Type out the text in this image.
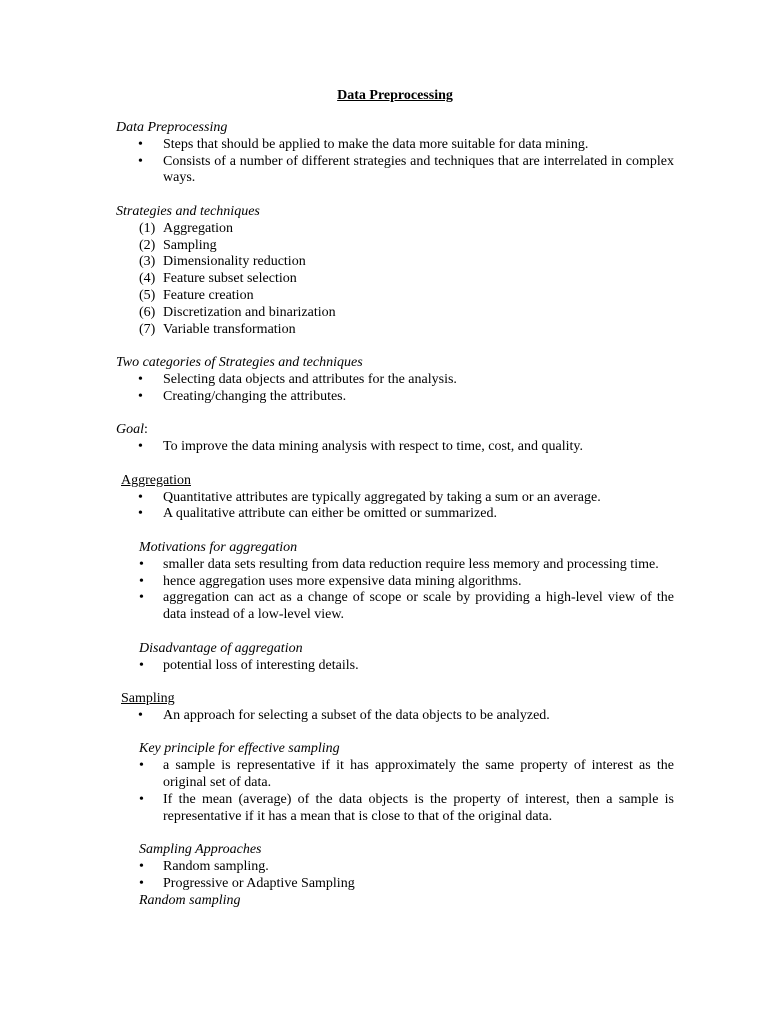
Data Preprocessing

Data Preprocessing

• Steps that should be applied to make the data more suitable for data mining.
• Consists of a number of different strategies and techniques that are interrelated in complex ways.

Strategies and techniques

(1) Aggregation
(2) Sampling
(3) Dimensionality reduction
(4) Feature subset selection
(5) Feature creation
(6) Discretization and binarization
(7) Variable transformation

Two categories of Strategies and techniques

• Selecting data objects and attributes for the analysis.
• Creating/changing the attributes.

Goal:

• To improve the data mining analysis with respect to time, cost, and quality.

Aggregation

• Quantitative attributes are typically aggregated by taking a sum or an average.
• A qualitative attribute can either be omitted or summarized.

Motivations for aggregation

• smaller data sets resulting from data reduction require less memory and processing time.
• hence aggregation uses more expensive data mining algorithms.
• aggregation can act as a change of scope or scale by providing a high-level view of the data instead of a low-level view.

Disadvantage of aggregation

• potential loss of interesting details.

Sampling

• An approach for selecting a subset of the data objects to be analyzed.

Key principle for effective sampling

• a sample is representative if it has approximately the same property of interest as the original set of data.
• If the mean (average) of the data objects is the property of interest, then a sample is representative if it has a mean that is close to that of the original data.

Sampling Approaches

• Random sampling.
• Progressive or Adaptive Sampling

Random sampling
